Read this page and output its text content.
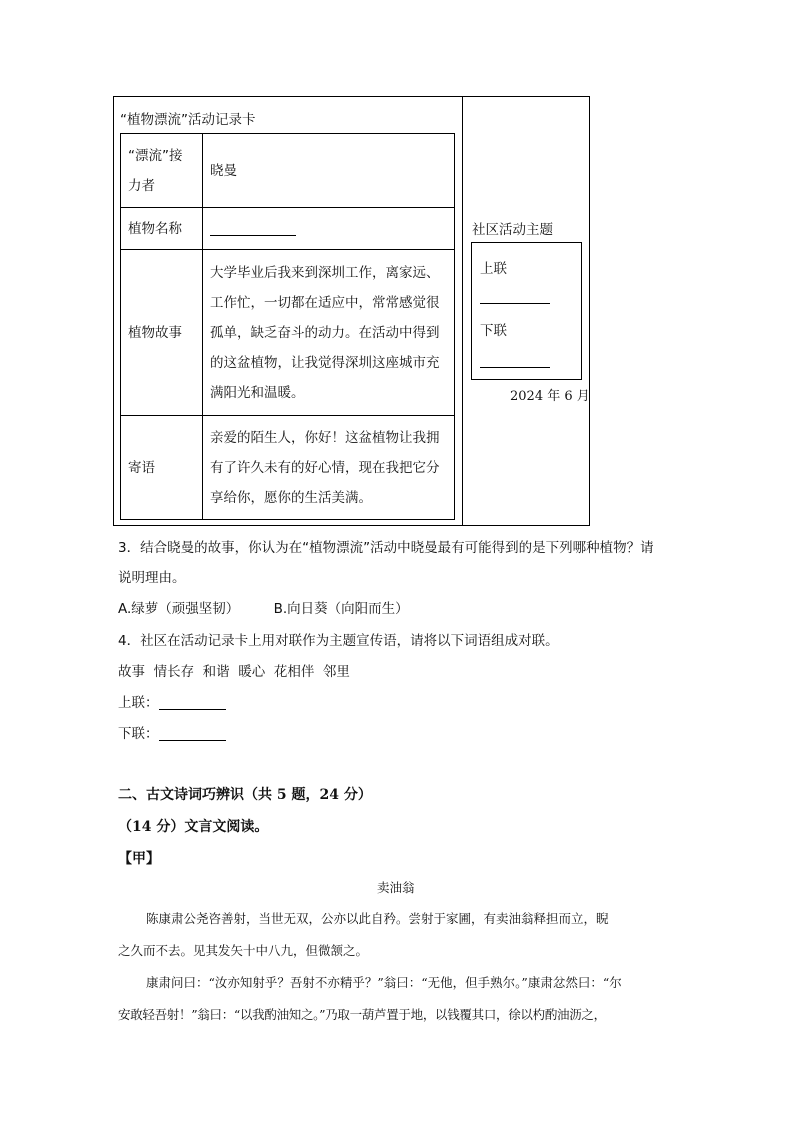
“植物漂流”活动记录卡
“漂流”接
力者	晓曼
植物名称	
植物故事	大学毕业后我来到深圳工作，离家远、
工作忙，一切都在适应中，常常感觉很
孤单，缺乏奋斗的动力。在活动中得到
的这盆植物，让我觉得深圳这座城市充
满阳光和温暖。

寄语	亲爱的陌生人，你好！这盆植物让我拥
有了许久未有的好心情，现在我把它分
享给你，愿你的生活美满。
社区活动主题
上联
下联
2024 年 6 月
3．结合晓曼的故事，你认为在“植物漂流”活动中晓曼最有可能得到的是下列哪种植物？请
说明理由。
A.绿萝（顽强坚韧）        B.向日葵（向阳而生）
4．社区在活动记录卡上用对联作为主题宣传语，请将以下词语组成对联。
故事  情长存  和谐  暖心  花相伴  邻里
上联：
下联：
二、古文诗词巧辨识（共 5 题，24 分）
（14 分）文言文阅读。
【甲】
卖油翁
陈康肃公尧咨善射，当世无双，公亦以此自矜。尝射于家圃，有卖油翁释担而立，睨
之久而不去。见其发矢十中八九，但微颔之。
康肃问曰：“汝亦知射乎？吾射不亦精乎？”翁曰：“无他，但手熟尔。”康肃忿然曰：“尔
安敢轻吾射！”翁曰：“以我酌油知之。”乃取一葫芦置于地，以钱覆其口，徐以杓酌油沥之，
